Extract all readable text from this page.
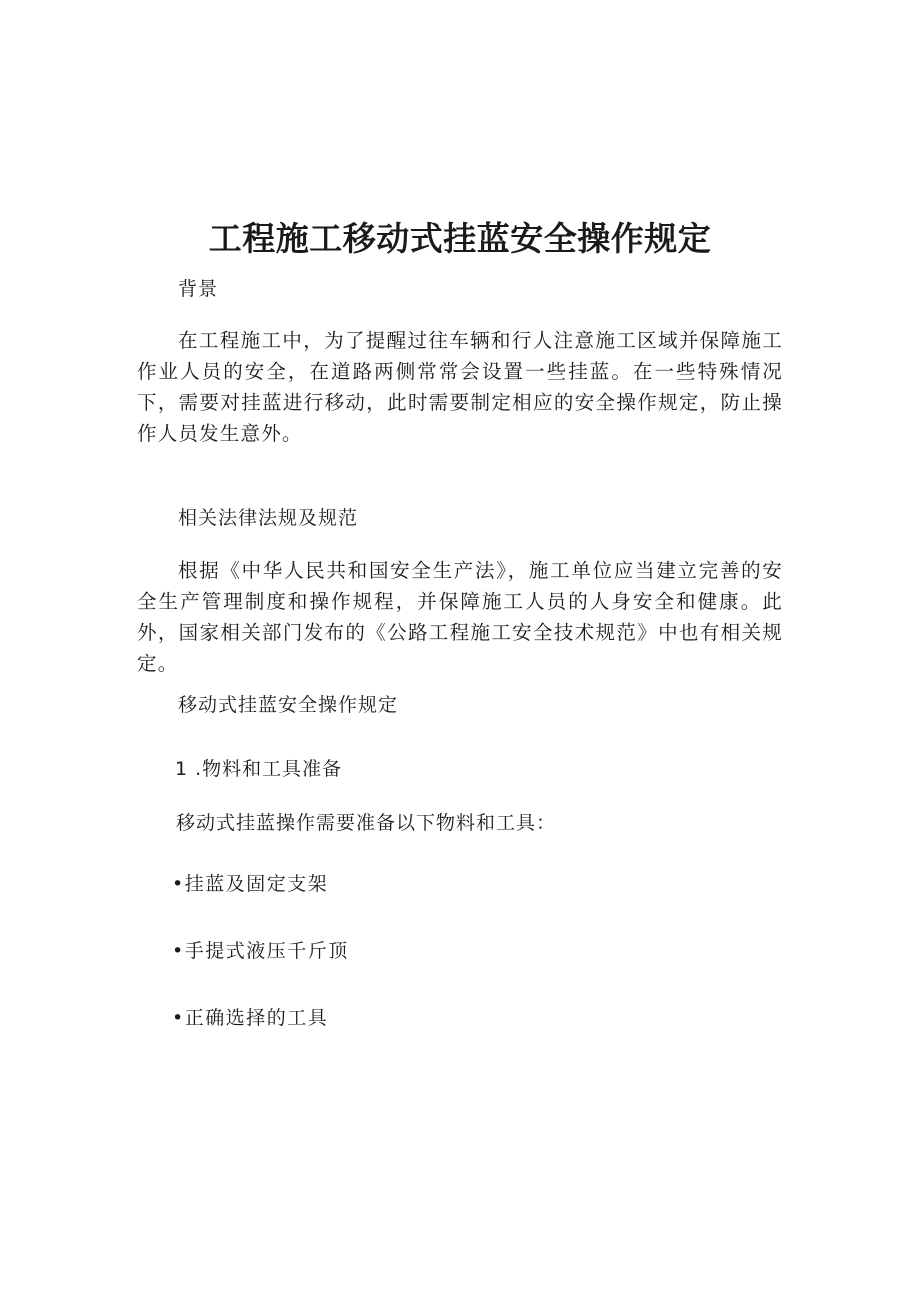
工程施工移动式挂蓝安全操作规定

背景

在工程施工中，为了提醒过往车辆和行人注意施工区域并保障施工作业人员的安全，在道路两侧常常会设置一些挂蓝。在一些特殊情况下，需要对挂蓝进行移动，此时需要制定相应的安全操作规定，防止操作人员发生意外。

相关法律法规及规范

根据《中华人民共和国安全生产法》，施工单位应当建立完善的安全生产管理制度和操作规程，并保障施工人员的人身安全和健康。此外，国家相关部门发布的《公路工程施工安全技术规范》中也有相关规定。

移动式挂蓝安全操作规定

1 .物料和工具准备

移动式挂蓝操作需要准备以下物料和工具：

•挂蓝及固定支架

•手提式液压千斤顶

•正确选择的工具
